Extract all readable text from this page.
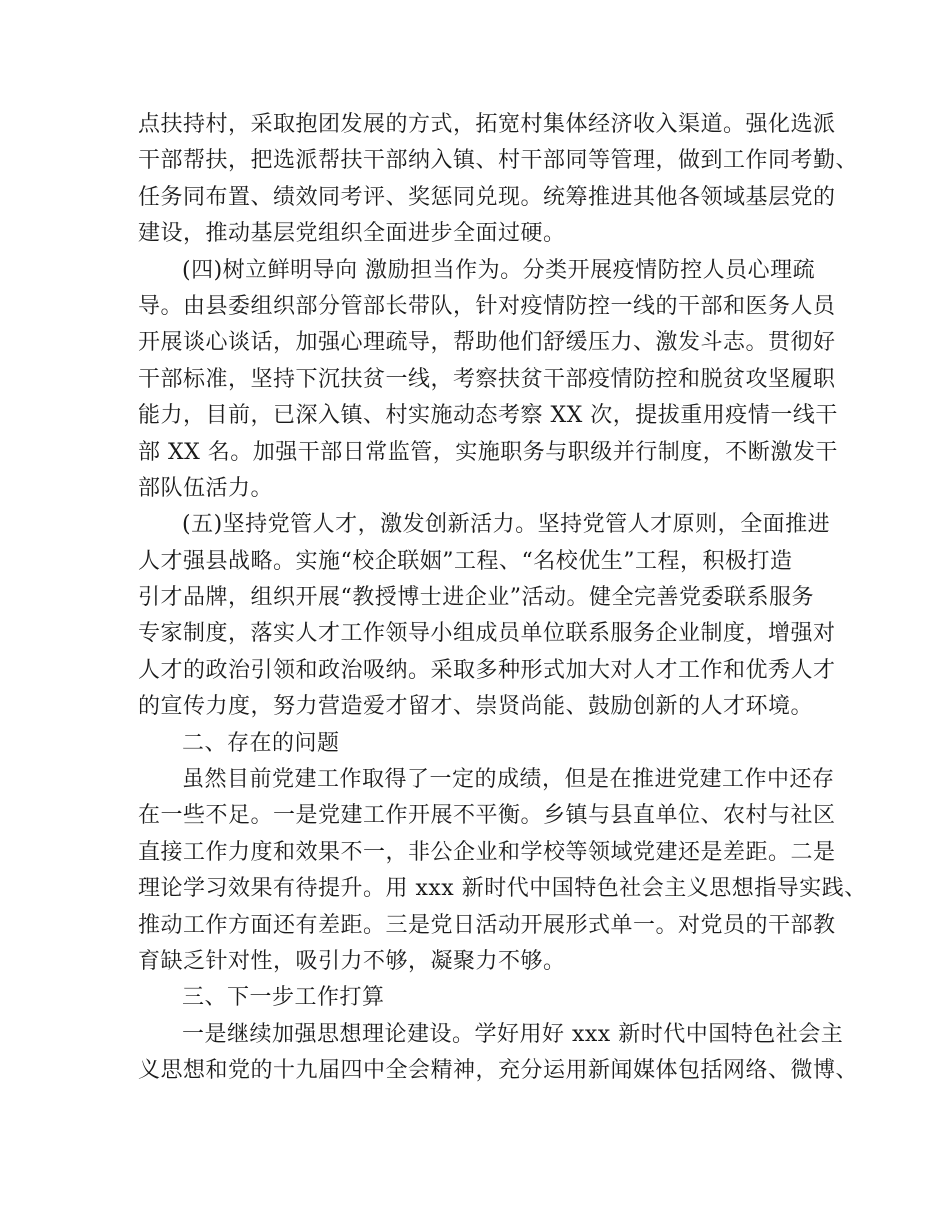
点扶持村，采取抱团发展的方式，拓宽村集体经济收入渠道。强化选派
干部帮扶，把选派帮扶干部纳入镇、村干部同等管理，做到工作同考勤、
任务同布置、绩效同考评、奖惩同兑现。统筹推进其他各领域基层党的
建设，推动基层党组织全面进步全面过硬。
(四)树立鲜明导向 激励担当作为。分类开展疫情防控人员心理疏
导。由县委组织部分管部长带队，针对疫情防控一线的干部和医务人员
开展谈心谈话，加强心理疏导，帮助他们舒缓压力、激发斗志。贯彻好
干部标准，坚持下沉扶贫一线，考察扶贫干部疫情防控和脱贫攻坚履职
能力，目前，已深入镇、村实施动态考察 XX 次，提拔重用疫情一线干
部 XX 名。加强干部日常监管，实施职务与职级并行制度，不断激发干
部队伍活力。
(五)坚持党管人才，激发创新活力。坚持党管人才原则，全面推进
人才强县战略。实施“校企联姻”工程、“名校优生”工程，积极打造
引才品牌，组织开展“教授博士进企业”活动。健全完善党委联系服务
专家制度，落实人才工作领导小组成员单位联系服务企业制度，增强对
人才的政治引领和政治吸纳。采取多种形式加大对人才工作和优秀人才
的宣传力度，努力营造爱才留才、崇贤尚能、鼓励创新的人才环境。
二、存在的问题
虽然目前党建工作取得了一定的成绩，但是在推进党建工作中还存
在一些不足。一是党建工作开展不平衡。乡镇与县直单位、农村与社区
直接工作力度和效果不一，非公企业和学校等领域党建还是差距。二是
理论学习效果有待提升。用 xxx 新时代中国特色社会主义思想指导实践、
推动工作方面还有差距。三是党日活动开展形式单一。对党员的干部教
育缺乏针对性，吸引力不够，凝聚力不够。
三、下一步工作打算
一是继续加强思想理论建设。学好用好 xxx 新时代中国特色社会主
义思想和党的十九届四中全会精神，充分运用新闻媒体包括网络、微博、
